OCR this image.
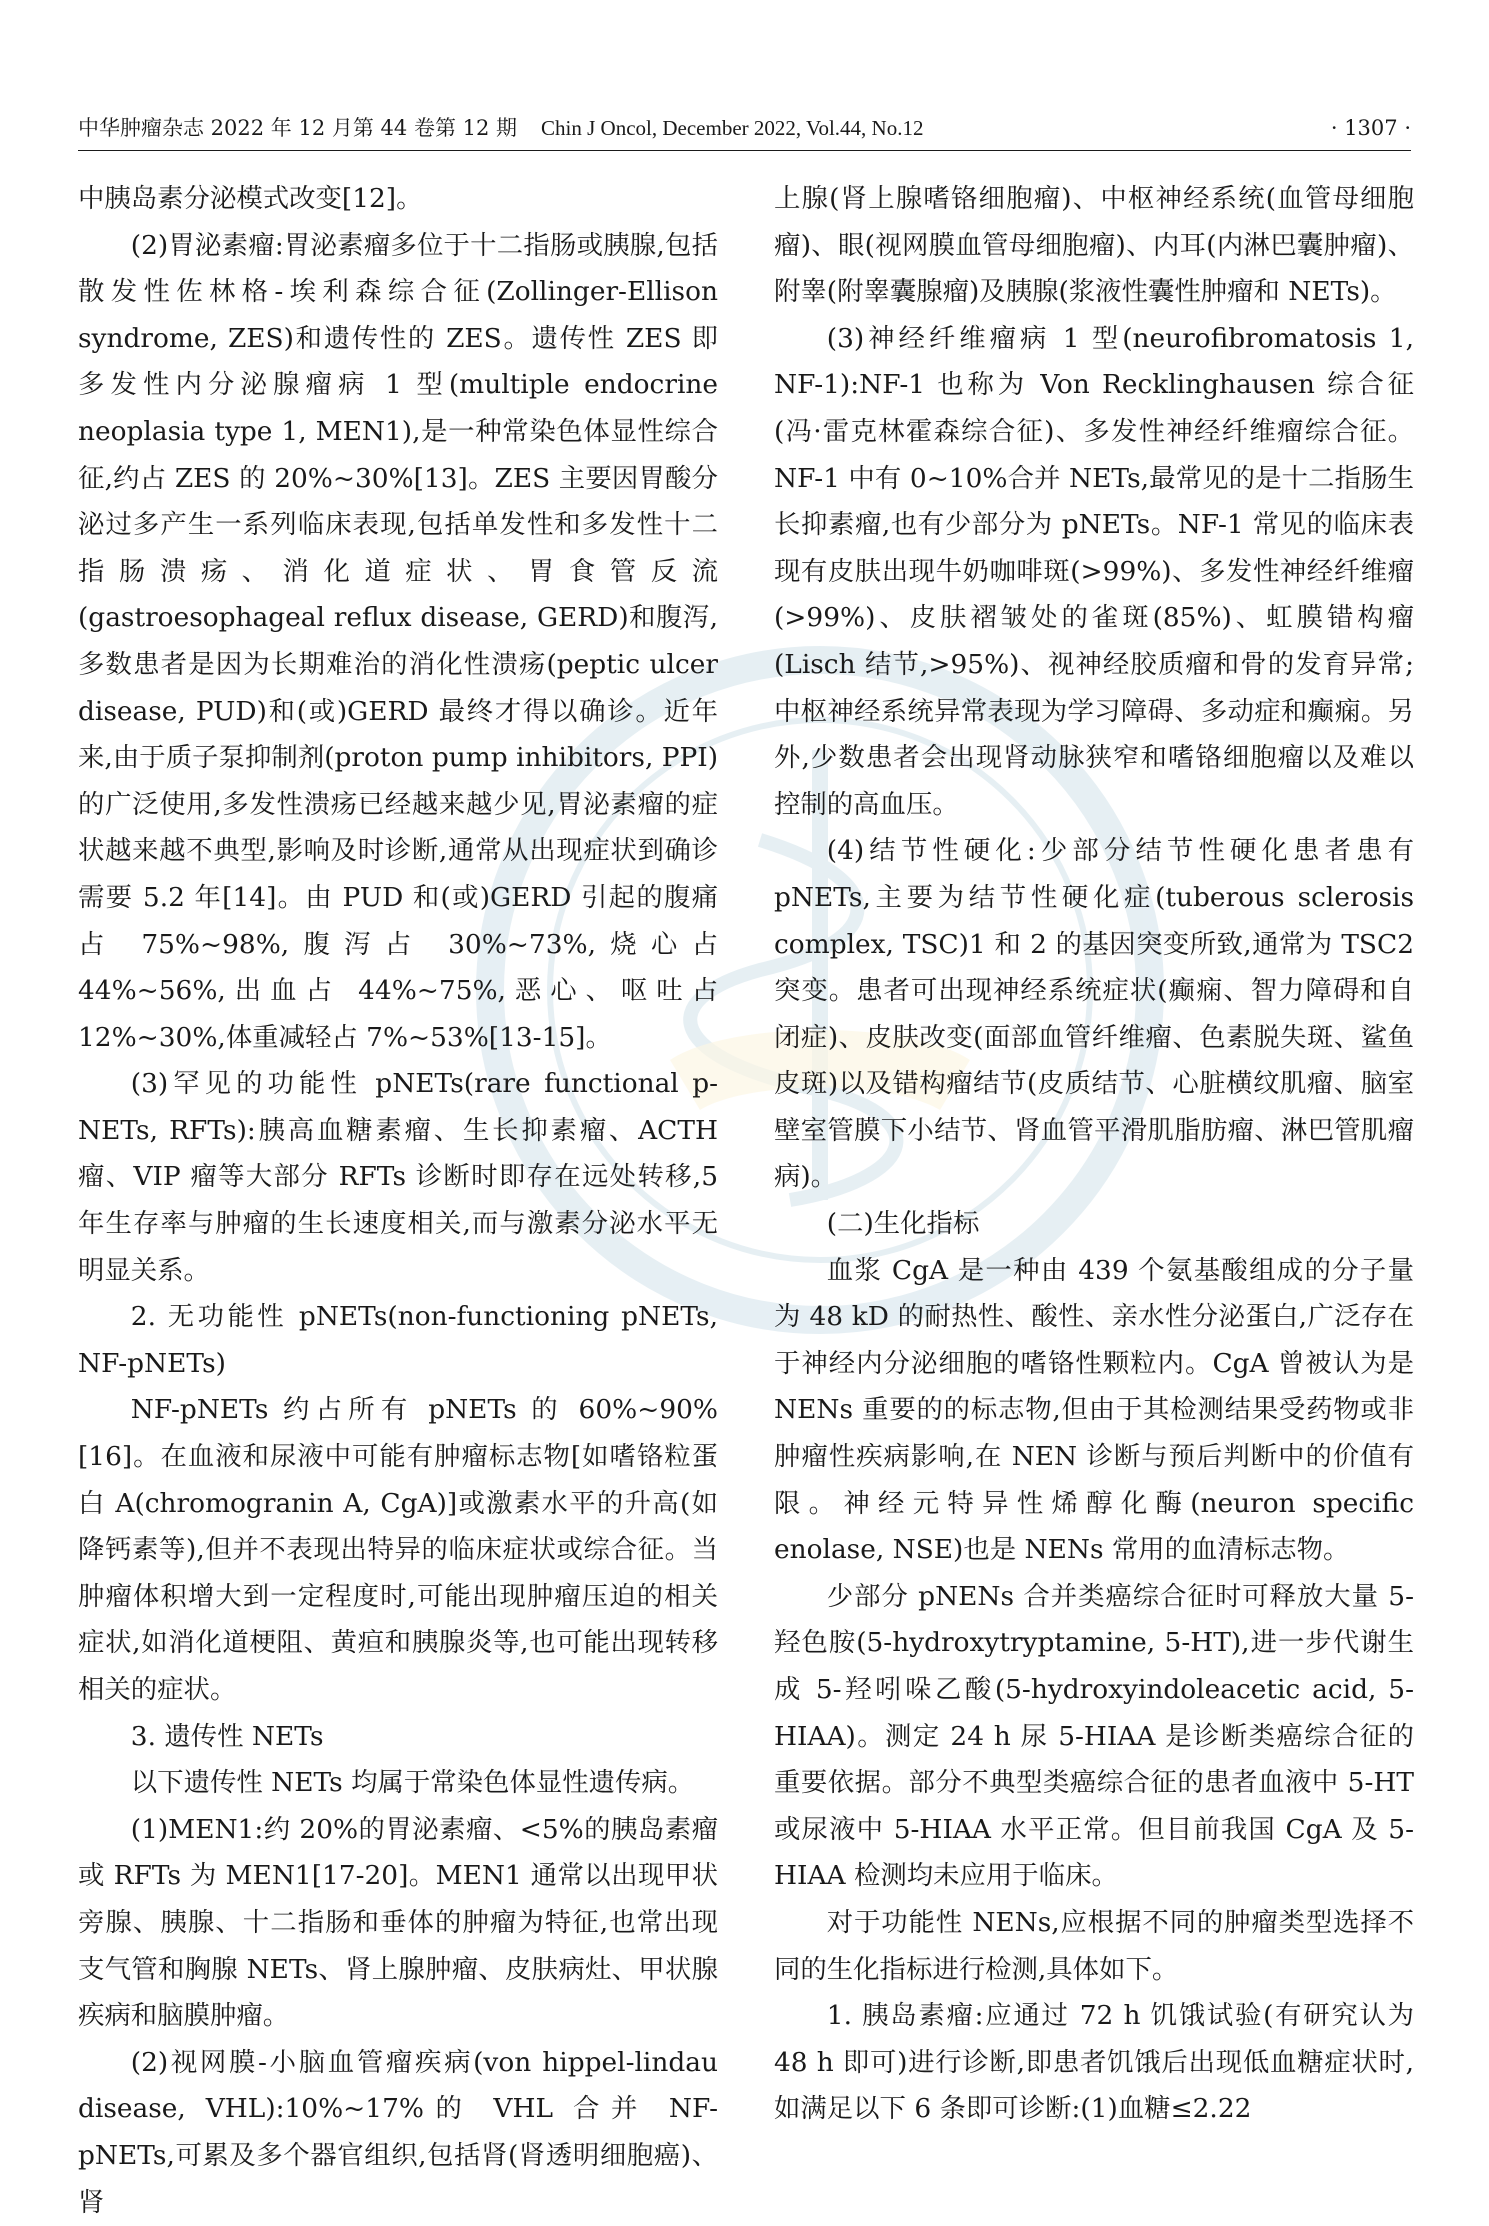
中华肿瘤杂志 2022 年 12 月第 44 卷第 12 期 Chin J Oncol, December 2022, Vol.44, No.12	· 1307 ·

中胰岛素分泌模式改变[12]。

(2)胃泌素瘤:胃泌素瘤多位于十二指肠或胰腺,包括散发性佐林格-埃利森综合征(Zollinger-Ellison syndrome, ZES)和遗传性的 ZES。遗传性 ZES 即多发性内分泌腺瘤病 1 型(multiple endocrine neoplasia type 1, MEN1),是一种常染色体显性综合征,约占 ZES 的 20%~30%[13]。ZES 主要因胃酸分泌过多产生一系列临床表现,包括单发性和多发性十二指肠溃疡、消化道症状、胃食管反流(gastroesophageal reflux disease, GERD)和腹泻,多数患者是因为长期难治的消化性溃疡(peptic ulcer disease, PUD)和(或)GERD 最终才得以确诊。近年来,由于质子泵抑制剂(proton pump inhibitors, PPI)的广泛使用,多发性溃疡已经越来越少见,胃泌素瘤的症状越来越不典型,影响及时诊断,通常从出现症状到确诊需要 5.2 年[14]。由 PUD 和(或)GERD 引起的腹痛占 75%~98%,腹泻占 30%~73%,烧心占 44%~56%,出血占 44%~75%,恶心、呕吐占 12%~30%,体重减轻占 7%~53%[13-15]。

(3)罕见的功能性 pNETs(rare functional p-NETs, RFTs):胰高血糖素瘤、生长抑素瘤、ACTH 瘤、VIP 瘤等大部分 RFTs 诊断时即存在远处转移,5 年生存率与肿瘤的生长速度相关,而与激素分泌水平无明显关系。

2. 无功能性 pNETs(non-functioning pNETs, NF-pNETs)

NF-pNETs 约占所有 pNETs 的 60%~90%[16]。在血液和尿液中可能有肿瘤标志物[如嗜铬粒蛋白 A(chromogranin A, CgA)]或激素水平的升高(如降钙素等),但并不表现出特异的临床症状或综合征。当肿瘤体积增大到一定程度时,可能出现肿瘤压迫的相关症状,如消化道梗阻、黄疸和胰腺炎等,也可能出现转移相关的症状。

3. 遗传性 NETs

以下遗传性 NETs 均属于常染色体显性遗传病。

(1)MEN1:约 20%的胃泌素瘤、<5%的胰岛素瘤或 RFTs 为 MEN1[17-20]。MEN1 通常以出现甲状旁腺、胰腺、十二指肠和垂体的肿瘤为特征,也常出现支气管和胸腺 NETs、肾上腺肿瘤、皮肤病灶、甲状腺疾病和脑膜肿瘤。

(2)视网膜-小脑血管瘤疾病(von hippel-lindau disease, VHL):10%~17%的 VHL 合并 NF-pNETs,可累及多个器官组织,包括肾(肾透明细胞癌)、肾

上腺(肾上腺嗜铬细胞瘤)、中枢神经系统(血管母细胞瘤)、眼(视网膜血管母细胞瘤)、内耳(内淋巴囊肿瘤)、附睾(附睾囊腺瘤)及胰腺(浆液性囊性肿瘤和 NETs)。

(3)神经纤维瘤病 1 型(neurofibromatosis 1, NF-1):NF-1 也称为 Von Recklinghausen 综合征(冯·雷克林霍森综合征)、多发性神经纤维瘤综合征。NF-1 中有 0~10%合并 NETs,最常见的是十二指肠生长抑素瘤,也有少部分为 pNETs。NF-1 常见的临床表现有皮肤出现牛奶咖啡斑(>99%)、多发性神经纤维瘤(>99%)、皮肤褶皱处的雀斑(85%)、虹膜错构瘤(Lisch 结节,>95%)、视神经胶质瘤和骨的发育异常;中枢神经系统异常表现为学习障碍、多动症和癫痫。另外,少数患者会出现肾动脉狭窄和嗜铬细胞瘤以及难以控制的高血压。

(4)结节性硬化:少部分结节性硬化患者患有 pNETs,主要为结节性硬化症(tuberous sclerosis complex, TSC)1 和 2 的基因突变所致,通常为 TSC2 突变。患者可出现神经系统症状(癫痫、智力障碍和自闭症)、皮肤改变(面部血管纤维瘤、色素脱失斑、鲨鱼皮斑)以及错构瘤结节(皮质结节、心脏横纹肌瘤、脑室壁室管膜下小结节、肾血管平滑肌脂肪瘤、淋巴管肌瘤病)。

(二)生化指标

血浆 CgA 是一种由 439 个氨基酸组成的分子量为 48 kD 的耐热性、酸性、亲水性分泌蛋白,广泛存在于神经内分泌细胞的嗜铬性颗粒内。CgA 曾被认为是 NENs 重要的的标志物,但由于其检测结果受药物或非肿瘤性疾病影响,在 NEN 诊断与预后判断中的价值有限。神经元特异性烯醇化酶(neuron specific enolase, NSE)也是 NENs 常用的血清标志物。

少部分 pNENs 合并类癌综合征时可释放大量 5-羟色胺(5-hydroxytryptamine, 5-HT),进一步代谢生成 5-羟吲哚乙酸(5-hydroxyindoleacetic acid, 5-HIAA)。测定 24 h 尿 5-HIAA 是诊断类癌综合征的重要依据。部分不典型类癌综合征的患者血液中 5-HT 或尿液中 5-HIAA 水平正常。但目前我国 CgA 及 5-HIAA 检测均未应用于临床。

对于功能性 NENs,应根据不同的肿瘤类型选择不同的生化指标进行检测,具体如下。

1. 胰岛素瘤:应通过 72 h 饥饿试验(有研究认为 48 h 即可)进行诊断,即患者饥饿后出现低血糖症状时,如满足以下 6 条即可诊断:(1)血糖≤2.22
